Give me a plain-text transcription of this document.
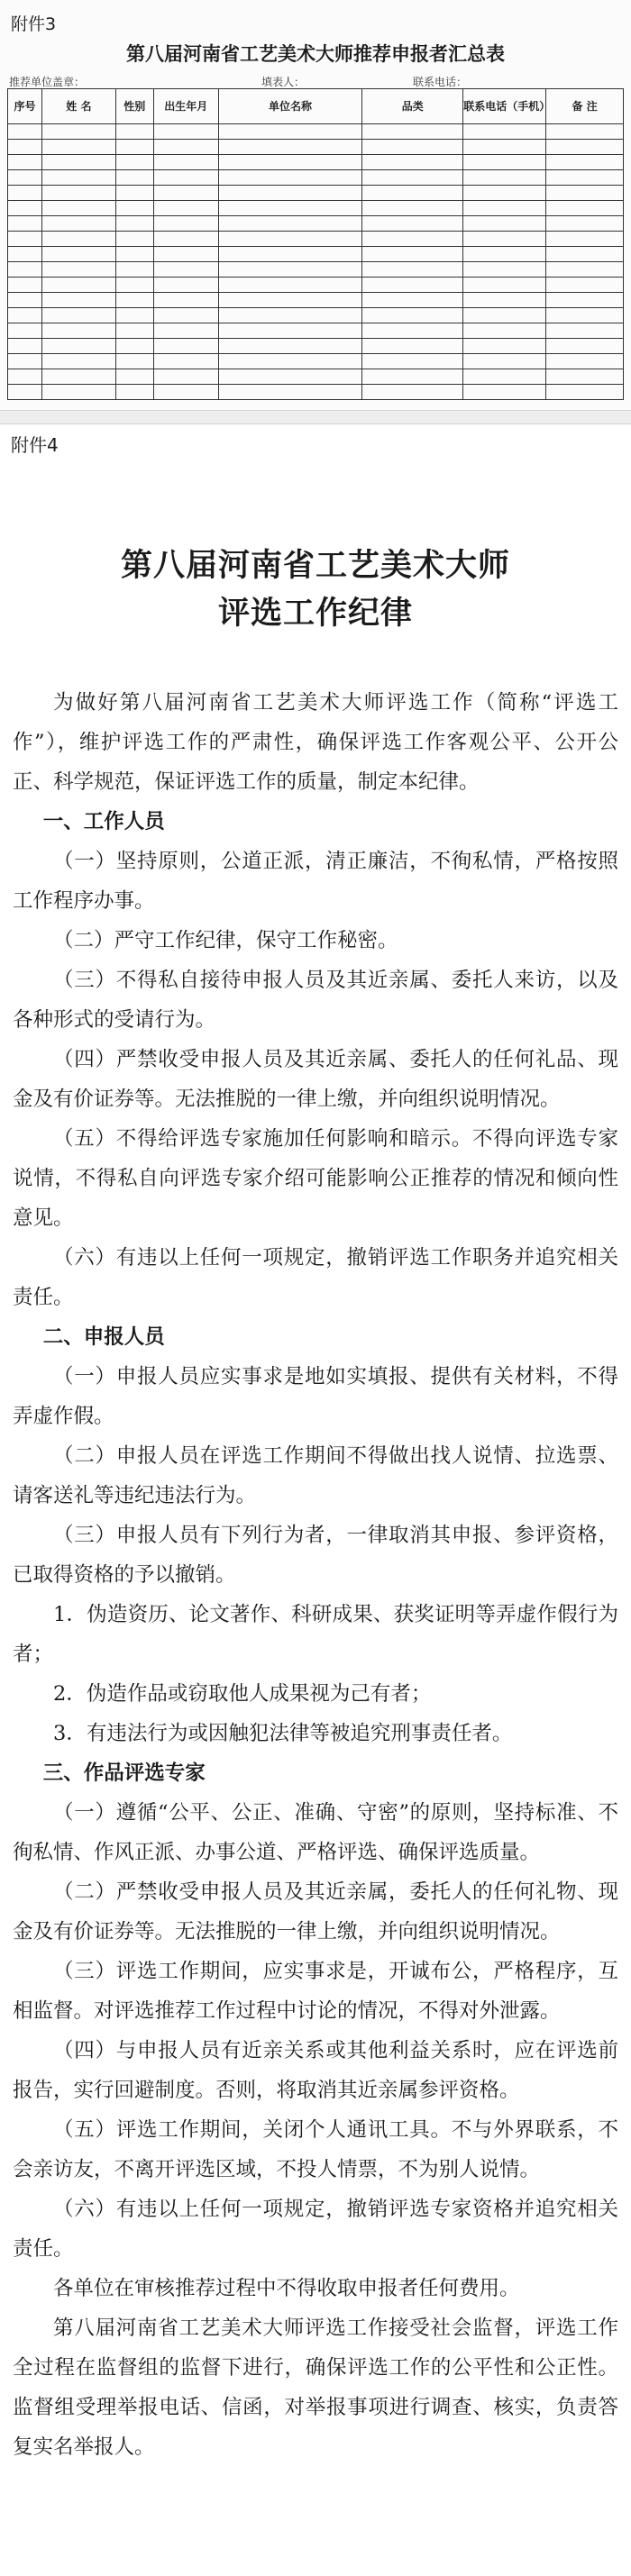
附件3
第八届河南省工艺美术大师推荐申报者汇总表
推荐单位盖章：	填表人：	联系电话：
序号	姓 名	性别	出生年月	单位名称	品类	联系电话（手机）	备 注

附件4
第八届河南省工艺美术大师
评选工作纪律

为做好第八届河南省工艺美术大师评选工作（简称“评选工作”），维护评选工作的严肃性，确保评选工作客观公平、公开公正、科学规范，保证评选工作的质量，制定本纪律。

一、工作人员

（一）坚持原则，公道正派，清正廉洁，不徇私情，严格按照工作程序办事。

（二）严守工作纪律，保守工作秘密。

（三）不得私自接待申报人员及其近亲属、委托人来访，以及各种形式的受请行为。

（四）严禁收受申报人员及其近亲属、委托人的任何礼品、现金及有价证券等。无法推脱的一律上缴，并向组织说明情况。

（五）不得给评选专家施加任何影响和暗示。不得向评选专家说情，不得私自向评选专家介绍可能影响公正推荐的情况和倾向性意见。

（六）有违以上任何一项规定，撤销评选工作职务并追究相关责任。

二、申报人员

（一）申报人员应实事求是地如实填报、提供有关材料，不得弄虚作假。

（二）申报人员在评选工作期间不得做出找人说情、拉选票、请客送礼等违纪违法行为。

（三）申报人员有下列行为者，一律取消其申报、参评资格，已取得资格的予以撤销。

1．伪造资历、论文著作、科研成果、获奖证明等弄虚作假行为者；

2．伪造作品或窃取他人成果视为己有者；

3．有违法行为或因触犯法律等被追究刑事责任者。

三、作品评选专家

（一）遵循“公平、公正、准确、守密”的原则，坚持标准、不徇私情、作风正派、办事公道、严格评选、确保评选质量。

（二）严禁收受申报人员及其近亲属，委托人的任何礼物、现金及有价证券等。无法推脱的一律上缴，并向组织说明情况。

（三）评选工作期间，应实事求是，开诚布公，严格程序，互相监督。对评选推荐工作过程中讨论的情况，不得对外泄露。

（四）与申报人员有近亲关系或其他利益关系时，应在评选前报告，实行回避制度。否则，将取消其近亲属参评资格。

（五）评选工作期间，关闭个人通讯工具。不与外界联系，不会亲访友，不离开评选区域，不投人情票，不为别人说情。

（六）有违以上任何一项规定，撤销评选专家资格并追究相关责任。

各单位在审核推荐过程中不得收取申报者任何费用。

第八届河南省工艺美术大师评选工作接受社会监督，评选工作全过程在监督组的监督下进行，确保评选工作的公平性和公正性。监督组受理举报电话、信函，对举报事项进行调查、核实，负责答复实名举报人。
